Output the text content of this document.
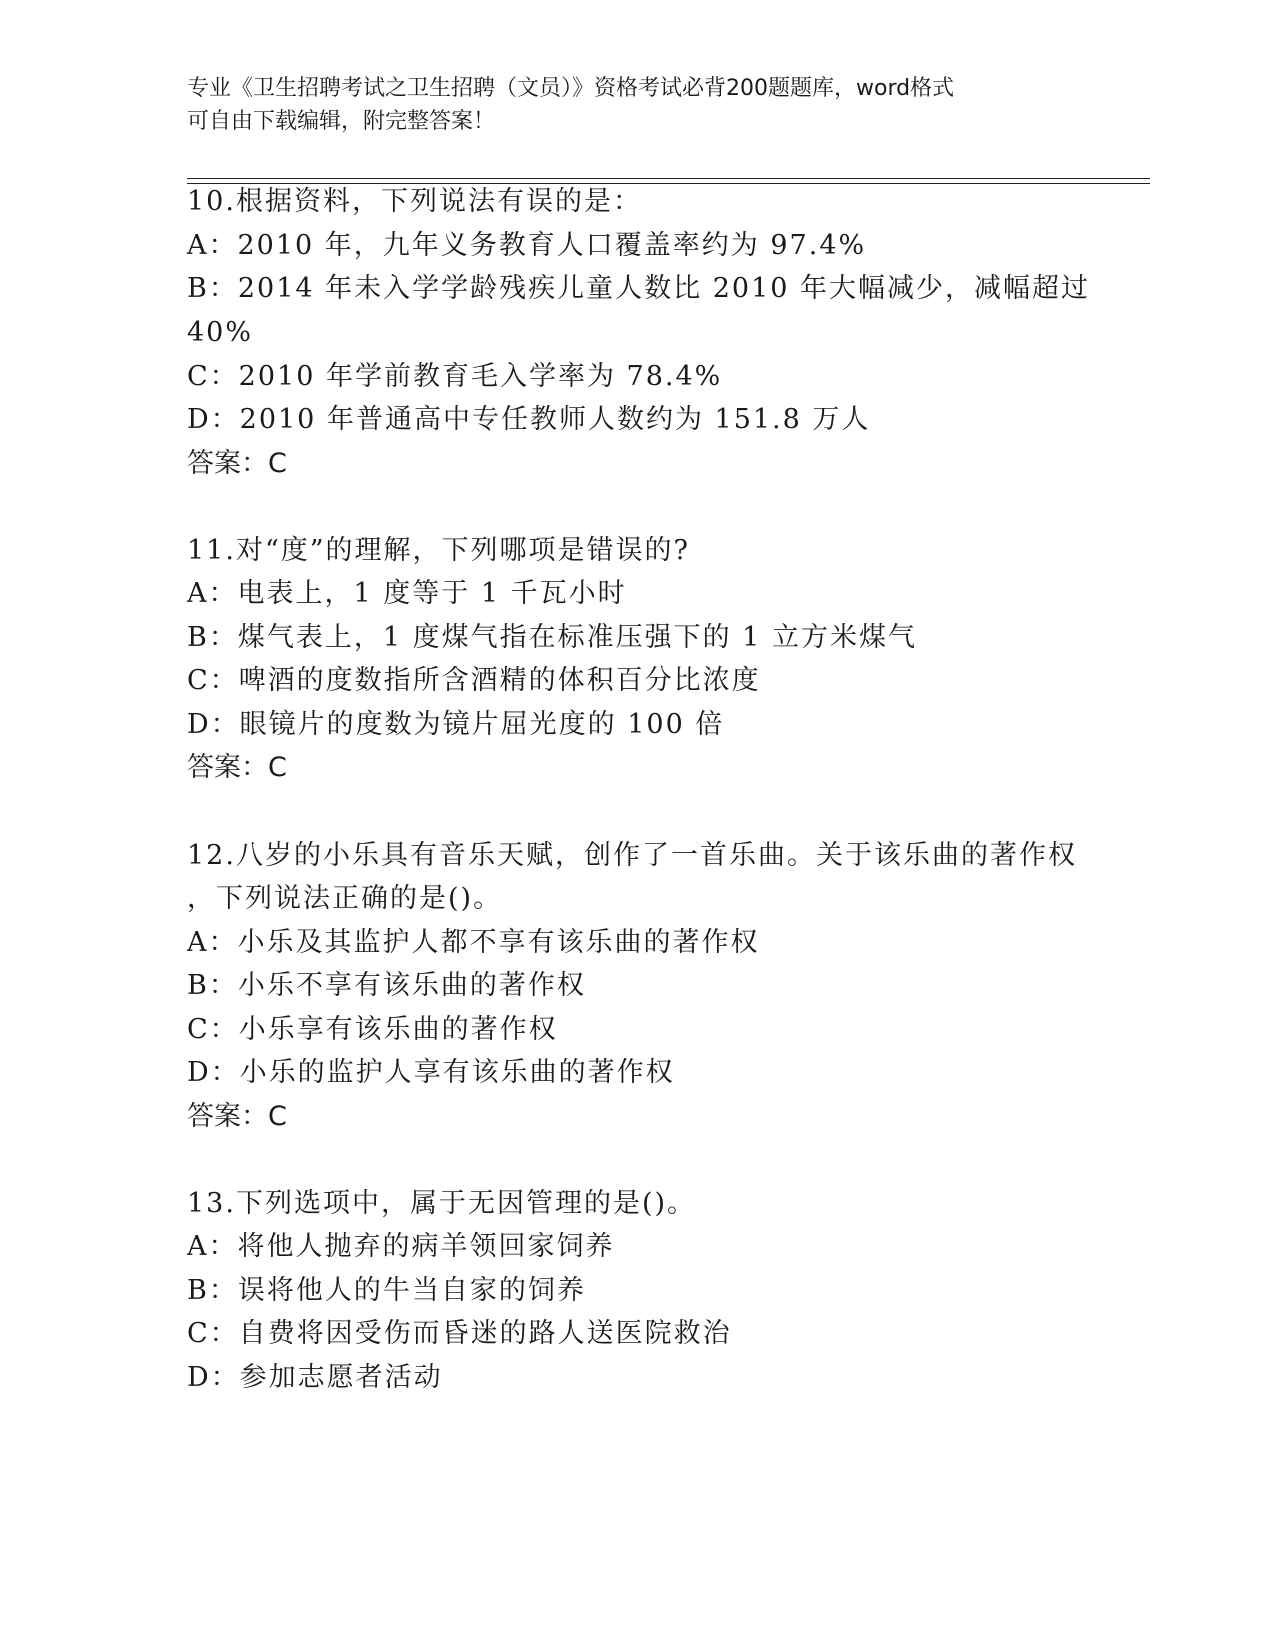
专业《卫生招聘考试之卫生招聘（文员）》资格考试必背200题题库，word格式
可自由下载编辑，附完整答案！
10.根据资料，下列说法有误的是：
A：2010 年，九年义务教育人口覆盖率约为 97.4%
B：2014 年未入学学龄残疾儿童人数比 2010 年大幅减少，减幅超过
40%
C：2010 年学前教育毛入学率为 78.4%
D：2010 年普通高中专任教师人数约为 151.8 万人
答案：C
11.对“度”的理解，下列哪项是错误的?
A：电表上，1 度等于 1 千瓦小时
B：煤气表上，1 度煤气指在标准压强下的 1 立方米煤气
C：啤酒的度数指所含酒精的体积百分比浓度
D：眼镜片的度数为镜片屈光度的 100 倍
答案：C
12.八岁的小乐具有音乐天赋，创作了一首乐曲。关于该乐曲的著作权
，下列说法正确的是()。
A：小乐及其监护人都不享有该乐曲的著作权
B：小乐不享有该乐曲的著作权
C：小乐享有该乐曲的著作权
D：小乐的监护人享有该乐曲的著作权
答案：C
13.下列选项中，属于无因管理的是()。
A：将他人抛弃的病羊领回家饲养
B：误将他人的牛当自家的饲养
C：自费将因受伤而昏迷的路人送医院救治
D：参加志愿者活动
